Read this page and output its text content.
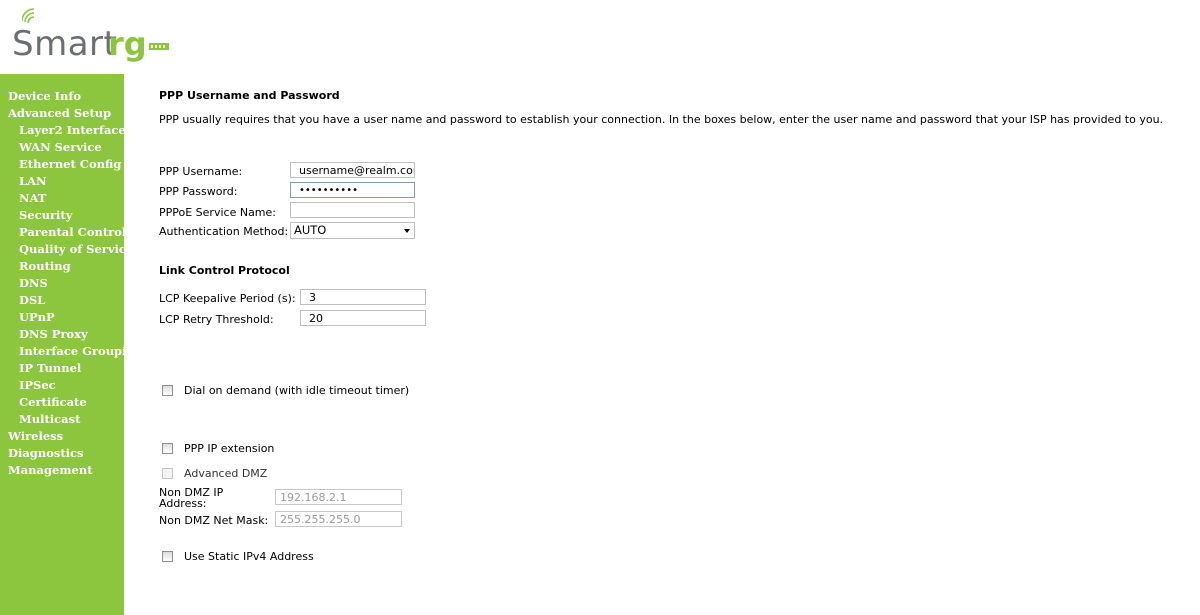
Smart
rg
Device Info
Advanced Setup
Layer2 Interface
WAN Service
Ethernet Config
LAN
NAT
Security
Parental Control
Quality of Service
Routing
DNS
DSL
UPnP
DNS Proxy
Interface Grouping
IP Tunnel
IPSec
Certificate
Multicast
Wireless
Diagnostics
Management
PPP Username and Password
PPP usually requires that you have a user name and password to establish your connection. In the boxes below, enter the user name and password that your ISP has provided to you.
PPP Username:
username@realm.com
PPP Password:
••••••••••
PPPoE Service Name:
Authentication Method: AUTO
Link Control Protocol
LCP Keepalive Period (s):
3
LCP Retry Threshold:
20
Dial on demand (with idle timeout timer)
PPP IP extension
Advanced DMZ
Non DMZ IP
Address:
192.168.2.1
Non DMZ Net Mask:
255.255.255.0
Use Static IPv4 Address
